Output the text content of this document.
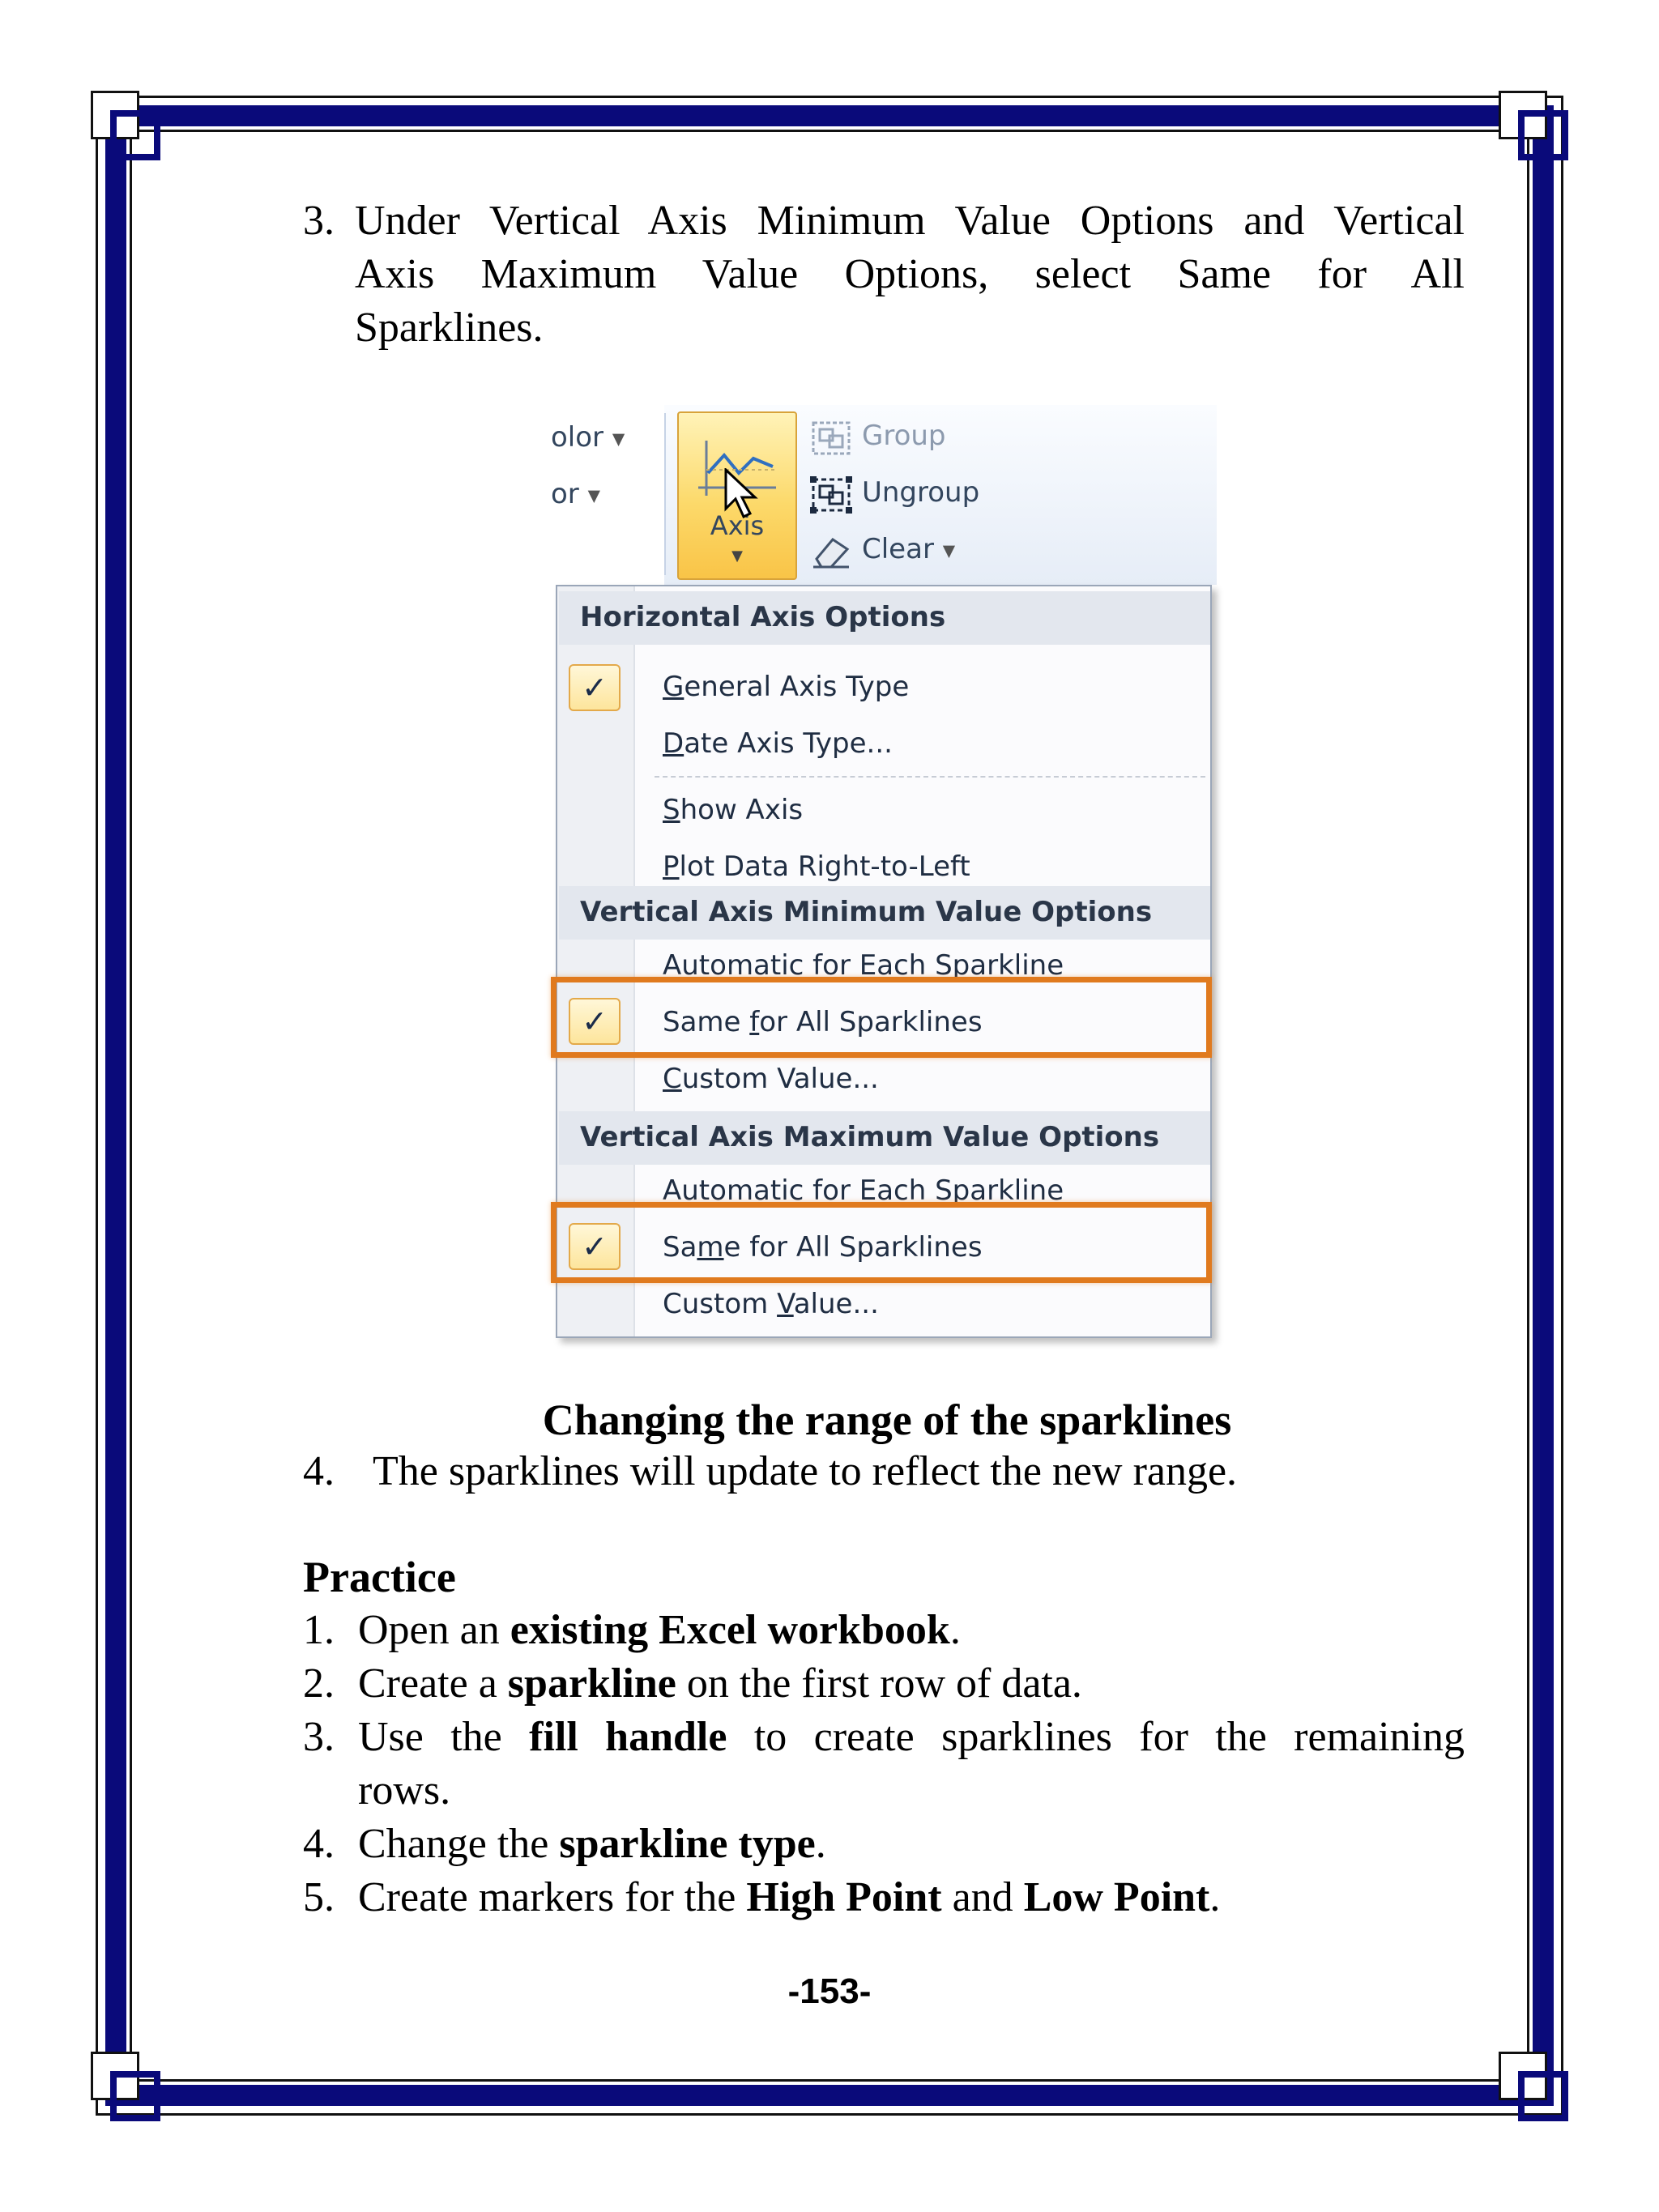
3. Under Vertical Axis Minimum Value Options and Vertical
Axis Maximum Value Options, select Same for All
Sparklines.
olor ▼
or ▼
Axis
▼
Group
Ungroup
Clear ▼
Horizontal Axis Options
✓	General Axis Type
Date Axis Type...
Show Axis
Plot Data Right-to-Left
Vertical Axis Minimum Value Options
Automatic for Each Sparkline
✓	Same for All Sparklines
Custom Value...
Vertical Axis Maximum Value Options
Automatic for Each Sparkline
✓	Same for All Sparklines
Custom Value...
Changing the range of the sparklines
4. The sparklines will update to reflect the new range.
Practice
1. Open an existing Excel workbook.
2. Create a sparkline on the first row of data.
3. Use the fill handle to create sparklines for the remaining
rows.
4. Change the sparkline type.
5. Create markers for the High Point and Low Point.
-153-
